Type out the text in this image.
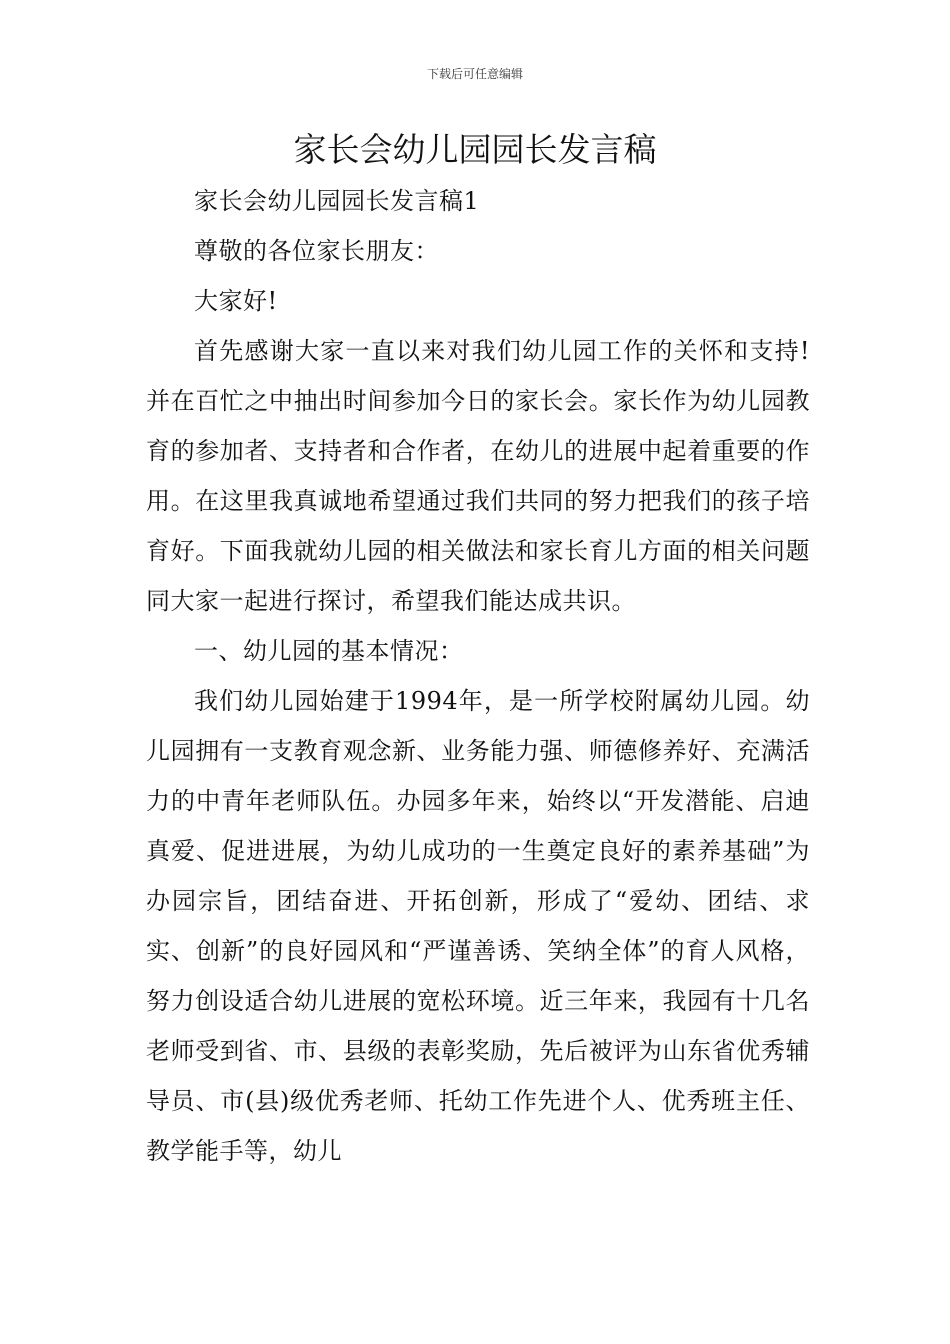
下载后可任意编辑
家长会幼儿园园长发言稿

家长会幼儿园园长发言稿1

尊敬的各位家长朋友：

大家好!

首先感谢大家一直以来对我们幼儿园工作的关怀和支持!并在百忙之中抽出时间参加今日的家长会。家长作为幼儿园教育的参加者、支持者和合作者，在幼儿的进展中起着重要的作用。在这里我真诚地希望通过我们共同的努力把我们的孩子培育好。下面我就幼儿园的相关做法和家长育儿方面的相关问题同大家一起进行探讨，希望我们能达成共识。

一、幼儿园的基本情况：

我们幼儿园始建于1994年，是一所学校附属幼儿园。幼儿园拥有一支教育观念新、业务能力强、师德修养好、充满活力的中青年老师队伍。办园多年来，始终以“开发潜能、启迪真爱、促进进展，为幼儿成功的一生奠定良好的素养基础”为办园宗旨，团结奋进、开拓创新，形成了“爱幼、团结、求实、创新”的良好园风和“严谨善诱、笑纳全体”的育人风格，努力创设适合幼儿进展的宽松环境。近三年来，我园有十几名老师受到省、市、县级的表彰奖励，先后被评为山东省优秀辅导员、市(县)级优秀老师、托幼工作先进个人、优秀班主任、教学能手等，幼儿
